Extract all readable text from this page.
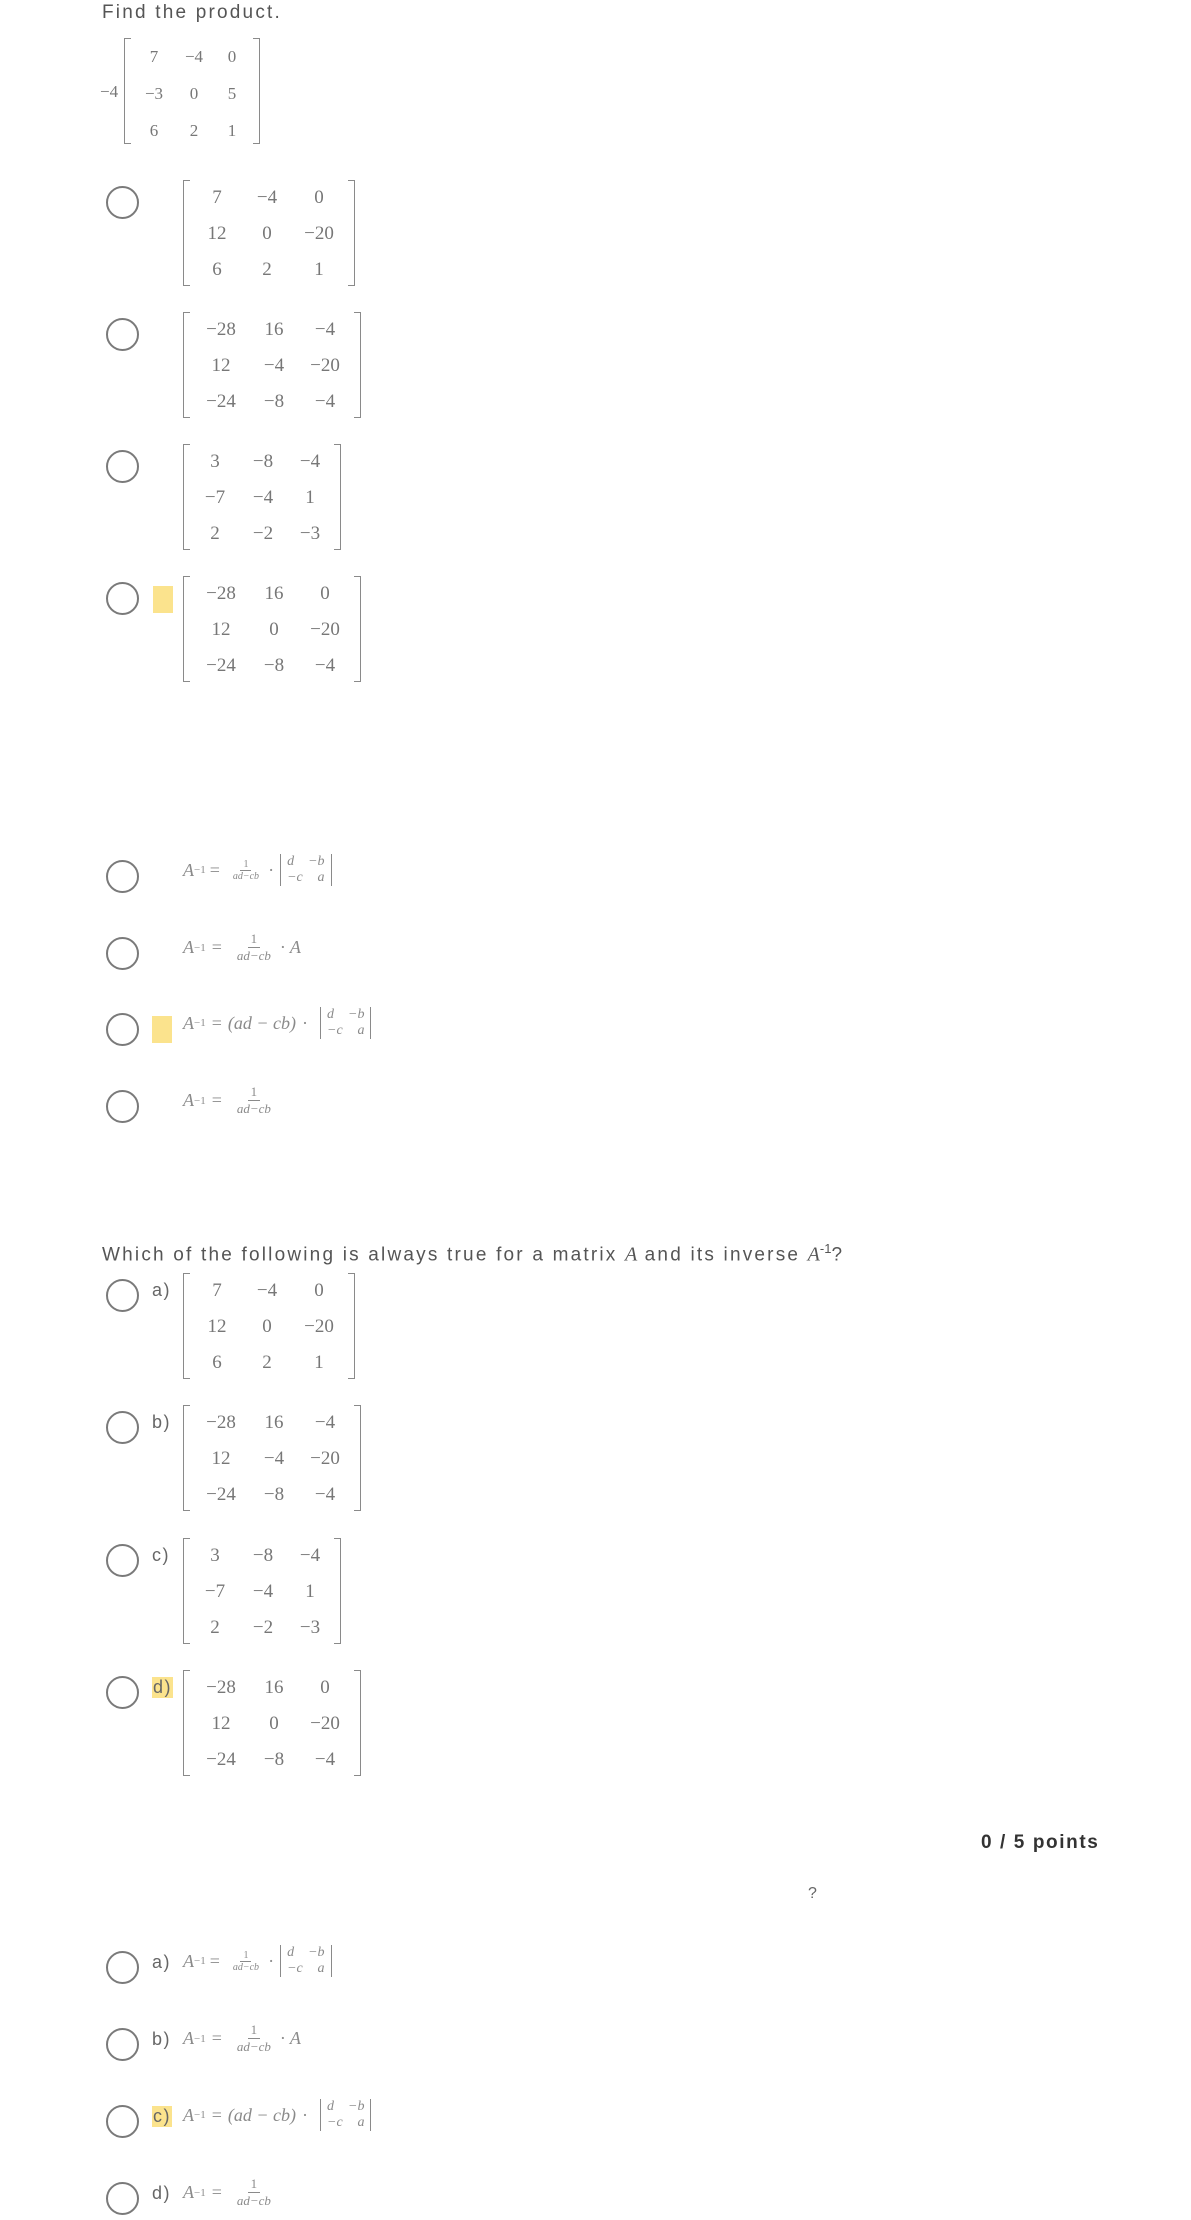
Find the product.
−4
7	−4	0
−3	0	5
6	2	1
7	−4	0
12	0	−20
6	2	1
−28	16	−4
12	−4	−20
−24	−8	−4
3	−8	−4
−7	−4	1
2	−2	−3
−28	16	0
12	0	−20
−24	−8	−4
$A -1 = \frac{1}{ad-cb} \cdot d -b$
−c a
$A -1 = \frac{1}{ad-cb} \cdot A$
A −1 = (ad − cb) · d −b
−c a
$A -1 = \frac{1}{ad-cb}$
Which of the following is always true for a matrix A and its inverse $A^{-1}$?
a) 7	−4	0
12	0	−20
6	2	1
b) −28	16	−4
12	−4	−20
−24	−8	−4
c) 3	−8	−4
−7	−4	1
2	−2	−3
d) −28	16	0
12	0	−20
−24	−8	−4
0 / 5 points
?
a) $A -1 = \frac{1}{ad-cb} \cdot d -b$
−c a
b) $A -1 = \frac{1}{ad-cb} \cdot A$
c) A −1 = (ad − cb) · d −b
−c a
d) $A -1 = \frac{1}{ad-cb}$
